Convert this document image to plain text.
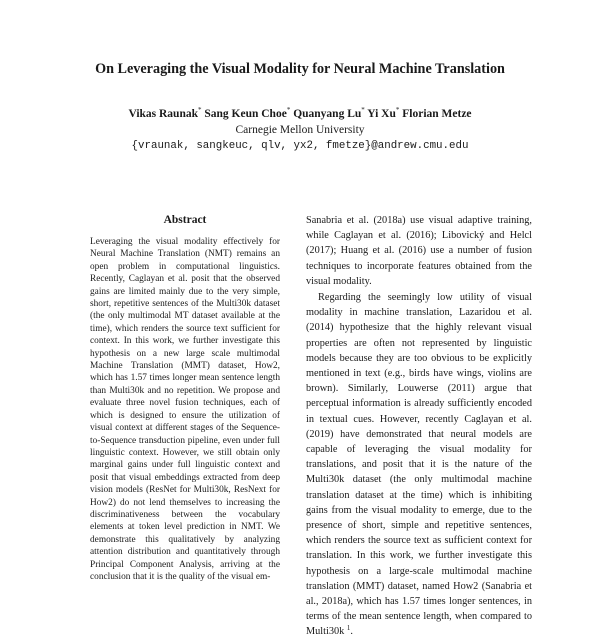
On Leveraging the Visual Modality for Neural Machine Translation
Vikas Raunak* Sang Keun Choe* Quanyang Lu* Yi Xu* Florian Metze
Carnegie Mellon University
{vraunak, sangkeuc, qlv, yx2, fmetze}@andrew.cmu.edu
Abstract
Leveraging the visual modality effectively for Neural Machine Translation (NMT) remains an open problem in computational linguistics. Recently, Caglayan et al. posit that the observed gains are limited mainly due to the very simple, short, repetitive sentences of the Multi30k dataset (the only multimodal MT dataset available at the time), which renders the source text sufficient for context. In this work, we further investigate this hypothesis on a new large scale multimodal Machine Translation (MMT) dataset, How2, which has 1.57 times longer mean sentence length than Multi30k and no repetition. We propose and evaluate three novel fusion techniques, each of which is designed to ensure the utilization of visual context at different stages of the Sequence-to-Sequence transduction pipeline, even under full linguistic context. However, we still obtain only marginal gains under full linguistic context and posit that visual embeddings extracted from deep vision models (ResNet for Multi30k, ResNext for How2) do not lend themselves to increasing the discriminativeness between the vocabulary elements at token level prediction in NMT. We demonstrate this qualitatively by analyzing attention distribution and quantitatively through Principal Component Analysis, arriving at the conclusion that it is the quality of the visual em-

Sanabria et al. (2018a) use visual adaptive training, while Caglayan et al. (2016); Libovický and Helcl (2017); Huang et al. (2016) use a number of fusion techniques to incorporate features obtained from the visual modality.

Regarding the seemingly low utility of visual modality in machine translation, Lazaridou et al. (2014) hypothesize that the highly relevant visual properties are often not represented by linguistic models because they are too obvious to be explicitly mentioned in text (e.g., birds have wings, violins are brown). Similarly, Louwerse (2011) argue that perceptual information is already sufficiently encoded in textual cues. However, recently Caglayan et al. (2019) have demonstrated that neural models are capable of leveraging the visual modality for translations, and posit that it is the nature of the Multi30k dataset (the only multimodal machine translation dataset at the time) which is inhibiting gains from the visual modality to emerge, due to the presence of short, simple and repetitive sentences, which renders the source text as sufficient context for translation. In this work, we further investigate this hypothesis on a large-scale multimodal machine translation (MMT) dataset, named How2 (Sanabria et al., 2018a), which has 1.57 times longer sentences, in terms of the mean sentence length, when compared to Multi30k $^1$.
